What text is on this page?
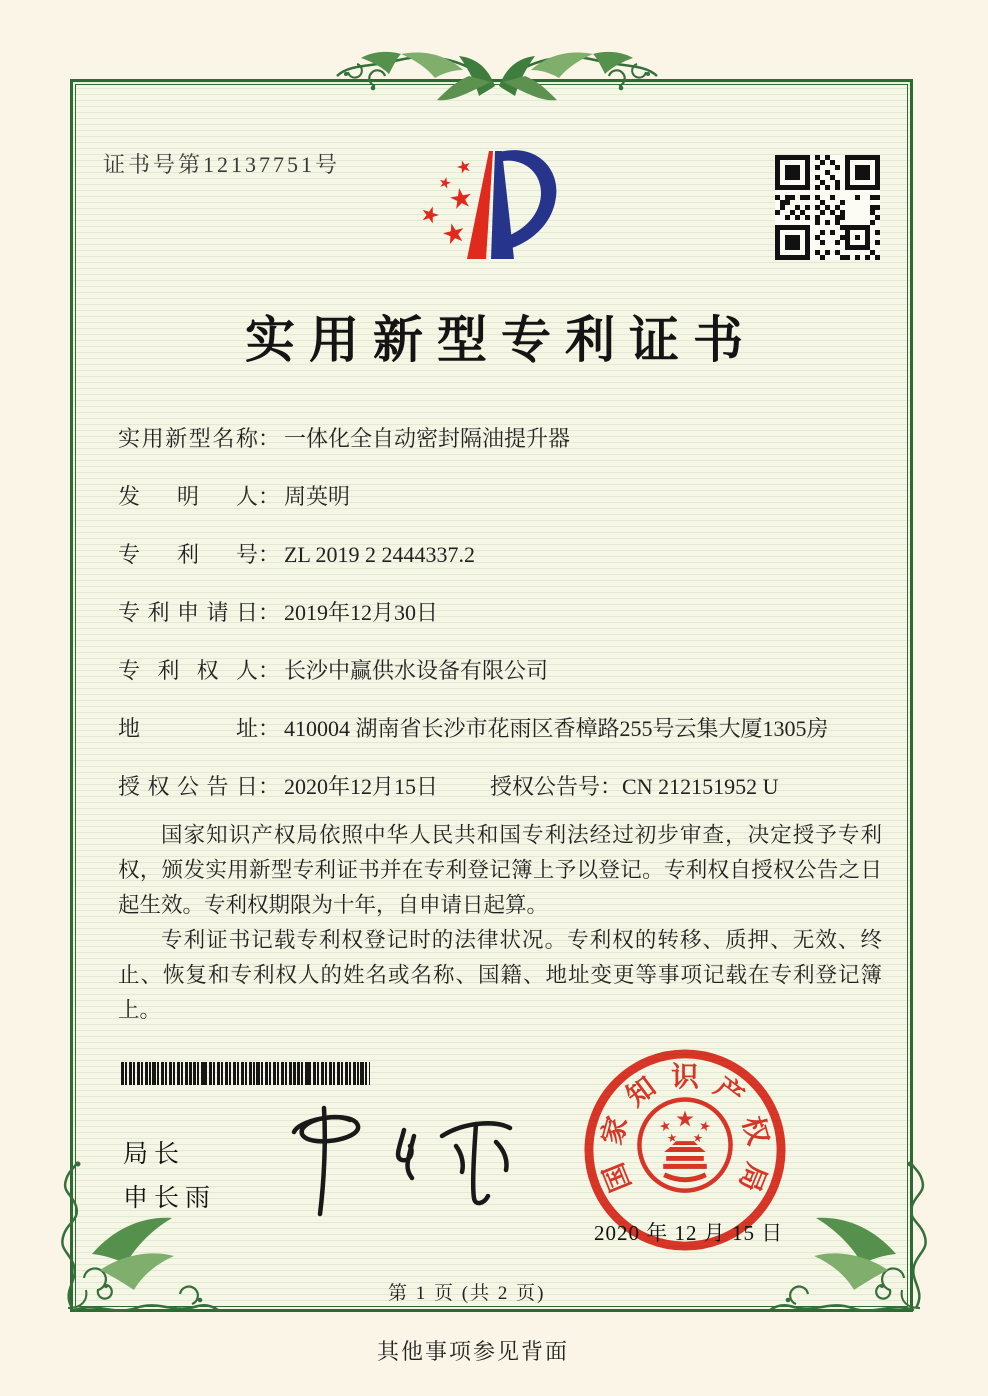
证书号第12137751号
实用新型专利证书
实用新型名称 ： 一体化全自动密封隔油提升器
发明人 ： 周英明
专利号 ： ZL 2019 2 2444337.2
专利申请日 ： 2019年12月30日
专利权人 ： 长沙中赢供水设备有限公司
地址 ： 410004 湖南省长沙市花雨区香樟路255号云集大厦1305房
授权公告日 ： 2020年12月15日 授权公告号：CN 212151952 U

国家知识产权局依照中华人民共和国专利法经过初步审查，决定授予专利权，颁发实用新型专利证书并在专利登记簿上予以登记。专利权自授权公告之日起生效。专利权期限为十年，自申请日起算。

专利证书记载专利权登记时的法律状况。专利权的转移、质押、无效、终止、恢复和专利权人的姓名或名称、国籍、地址变更等事项记载在专利登记簿上。

局长
申长雨
国
家
知 识 产
权
局
2020 年 12 月 15 日
第 1 页 (共 2 页)
其他事项参见背面
